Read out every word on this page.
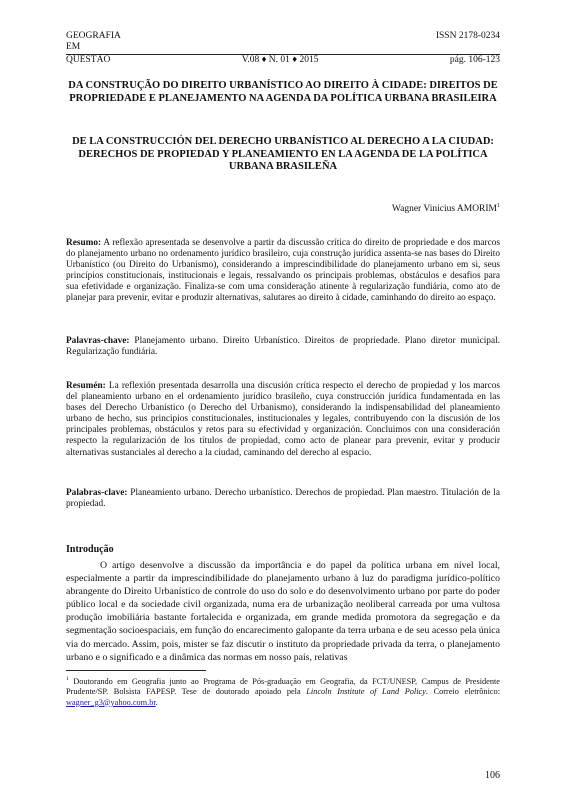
GEOGRAFIA	ISSN 2178-0234
EM
QUESTÃO	V.08 ♦ N. 01 ♦ 2015	pág. 106-123
DA CONSTRUÇÃO DO DIREITO URBANÍSTICO AO DIREITO À CIDADE: DIREITOS DE PROPRIEDADE E PLANEJAMENTO NA AGENDA DA POLÍTICA URBANA BRASILEIRA
DE LA CONSTRUCCIÓN DEL DERECHO URBANÍSTICO AL DERECHO A LA CIUDAD: DERECHOS DE PROPIEDAD Y PLANEAMIENTO EN LA AGENDA DE LA POLÍTICA URBANA BRASILEÑA
Wagner Vinicius AMORIM$^1$
Resumo: A reflexão apresentada se desenvolve a partir da discussão crítica do direito de propriedade e dos marcos do planejamento urbano no ordenamento jurídico brasileiro, cuja construção jurídica assenta-se nas bases do Direito Urbanístico (ou Direito do Urbanismo), considerando a imprescindibilidade do planejamento urbano em si, seus princípios constitucionais, institucionais e legais, ressalvando os principais problemas, obstáculos e desafios para sua efetividade e organização. Finaliza-se com uma consideração atinente à regularização fundiária, como ato de planejar para prevenir, evitar e produzir alternativas, salutares ao direito à cidade, caminhando do direito ao espaço.
Palavras-chave: Planejamento urbano. Direito Urbanístico. Direitos de propriedade. Plano diretor municipal. Regularização fundiária.
Resumén: La reflexión presentada desarrolla una discusión crítica respecto el derecho de propiedad y los marcos del planeamiento urbano en el ordenamiento jurídico brasileño, cuya construcción jurídica fundamentada en las bases del Derecho Urbanístico (o Derecho del Urbanismo), considerando la indispensabilidad del planeamiento urbano de hecho, sus principios constitucionales, institucionales y legales, contribuyendo con la discusión de los principales problemas, obstáculos y retos para su efectividad y organización. Concluimos con una consideración respecto la regularización de los títulos de propiedad, como acto de planear para prevenir, evitar y producir alternativas sustanciales al derecho a la ciudad, caminando del derecho al espacio.
Palabras-clave: Planeamiento urbano. Derecho urbanístico. Derechos de propiedad. Plan maestro. Titulación de la propiedad.
Introdução
O artigo desenvolve a discussão da importância e do papel da política urbana em nível local, especialmente a partir da imprescindibilidade do planejamento urbano à luz do paradigma jurídico-político abrangente do Direito Urbanístico de controle do uso do solo e do desenvolvimento urbano por parte do poder público local e da sociedade civil organizada, numa era de urbanização neoliberal carreada por uma vultosa produção imobiliária bastante fortalecida e organizada, em grande medida promotora da segregação e da segmentação socioespaciais, em função do encarecimento galopante da terra urbana e de seu acesso pela única via do mercado. Assim, pois, mister se faz discutir o instituto da propriedade privada da terra, o planejamento urbano e o significado e a dinâmica das normas em nosso país, relativas
$^1$ Doutorando em Geografia junto ao Programa de Pós-graduação em Geografia, da FCT/UNESP, Campus de Presidente Prudente/SP. Bolsista FAPESP. Tese de doutorado apoiado pela Lincoln Institute of Land Policy. Correio eletrônico: wagner_g3@yahoo.com.br.
106
